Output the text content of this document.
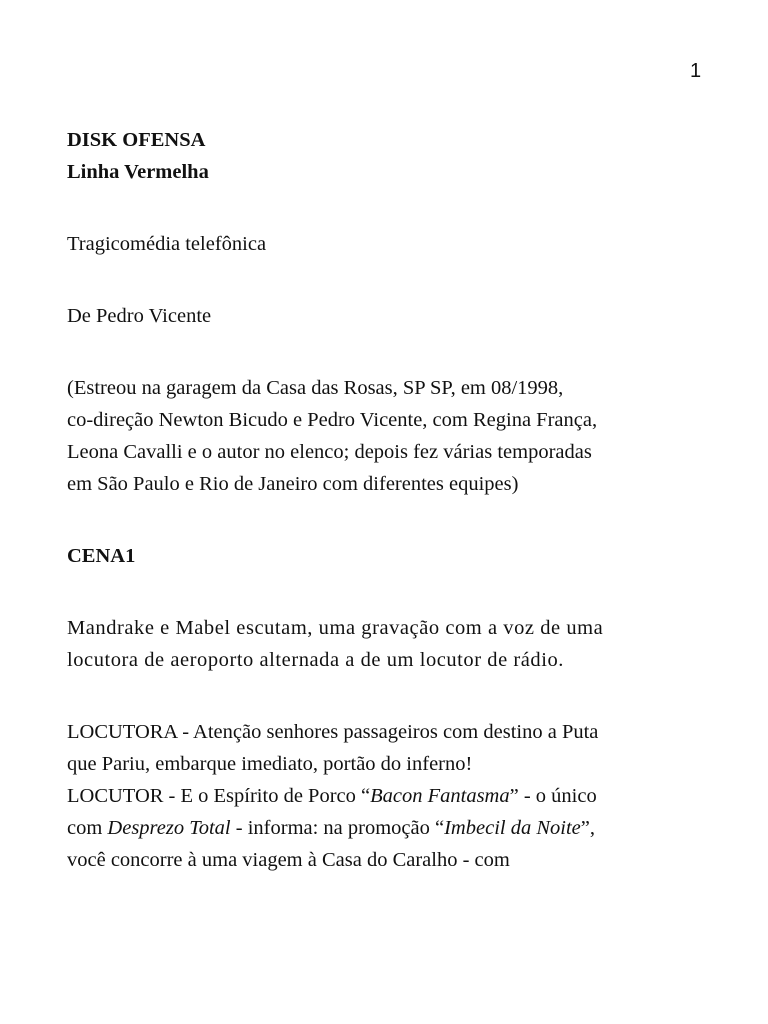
1

DISK OFENSA

Linha Vermelha

Tragicomédia telefônica

De Pedro Vicente

(Estreou na garagem da Casa das Rosas, SP SP, em 08/1998,

co-direção Newton Bicudo e Pedro Vicente, com Regina França,

Leona Cavalli e o autor no elenco; depois fez várias temporadas

em São Paulo e Rio de Janeiro com diferentes equipes)

CENA1

Mandrake e Mabel escutam, uma gravação com a voz de uma

locutora de aeroporto alternada a de um locutor de rádio.

LOCUTORA - Atenção senhores passageiros com destino a Puta

que Pariu, embarque imediato, portão do inferno!

LOCUTOR - E o Espírito de Porco “Bacon Fantasma” - o único

com Desprezo Total - informa: na promoção “Imbecil da Noite”,

você concorre à uma viagem à Casa do Caralho - com
